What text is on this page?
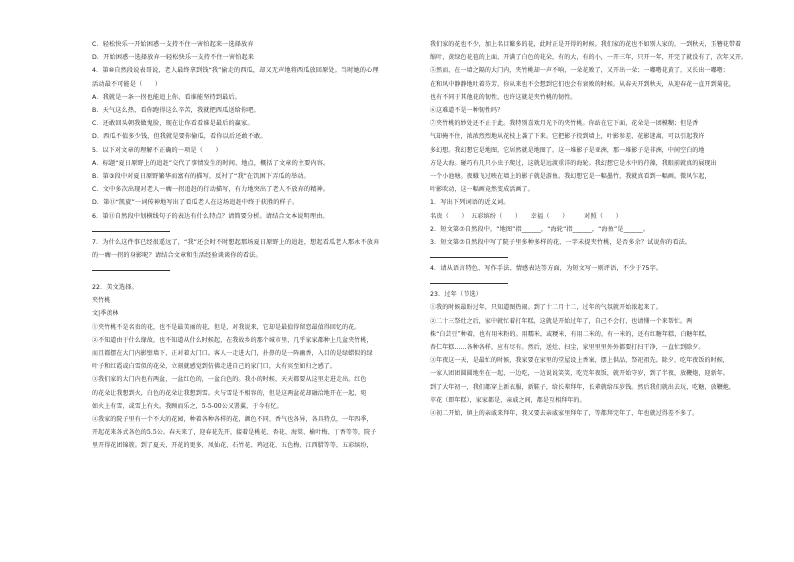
C．轻松快乐一开始困惑一支持不住一害怕起来一选择放弃
D．开始困惑一选择放弃一轻松快乐一支持不住一害怕起来
4．第⑩自然段说表哥说，老人最终拿到钱“我”偷走的西瓜，却又无声地将西瓜放回原处。当时她的心理
活动最不可能是（　　）
A．我就是一条一拐也能追上你，看谁能坚持到最后。
B．天气这么热，看你跑得这么辛苦，我就把西瓜送给你吧。
C．还敢回头朝我做鬼脸，现在让你看看谁是最后的赢家。
D．西瓜不值多少钱，但我就是要你偷瓜，看你以后还敢不敢。
5．以下对文章的理解不正确的一项是（　　）
A．标题“夏日原野上的追赶”交代了事情发生的时间、地点，概括了文章的主要内容。
B．第③段中对夏日原野繁华而富有的描写，反衬了“我”在饥困下弄瓜的举动。
C．文中多次出现对老人一瘸一拐追赶的行动描写，有力地突出了老人不放弃的精神。
D．第⑪“凯旋”一词传神地写出了看瓜老人在这场追赶中终于获胜的样子。
6．第⑪自然段中划横线句子的表达有什么特点？请简要分析。请结合文本说明理由。
7．为什么这件事已经很遥远了，“我”还会时不时想起那场夏日原野上的追赶，想起看瓜老人那永不放弃
的一瘸一拐的身影呢？请结合文章和生活经验谈谈你的看法。
22．美文选择。
夹竹桃
文|季羡林
①夹竹桃不是名贵的花，也不是最美丽的花，但是，对我说来，它却是最值得留恋最值得回忆的花。
②不知道由于什么缘故，也不知道从什么时候起，在我故乡的那个城市里，几乎家家都种上几盆夹竹桃，
而且都摆在大门内影壁墙下，正对着大门口。客人一走进大门，扑鼻的是一阵幽香，入目的是绿蜡似的绿
叶子和红霞或白雪似的花朵，立刻就感觉到仿佛走进自己的家门口，大有宾至如归之感了。
③我们家的大门内也有两盆，一盆红色的，一盆白色的。我小的时候，天天都要从这里走进走出。红色
的花朵让我想到火，白色的花朵让我想到雪。火与雪是不相容的，但是这两盆花却融洽地开在一起，宛
如火上有雪，或雪上有火。我顾而乐之，5-5-00公又署翼，于今有忆。
④我家的院子里有一个不大的花园，种着各种各样的花，颜色不同、香气也各异，各具特点，一年四季，
开起花来各式各色的5.5公。春天来了，迎春花先开，接着是桃花、杏花、海棠、榆叶梅、丁香等等，院子
里开得花团锦簇。到了夏天，开花的更多，凤仙花、石竹花、鸡冠花、五色梅、江西腊等等，五彩缤纷，
我们家的花也不少，加上名目繁多的花，此时正是开得的时候。我们家的花也不如别人家的，一到秋天，玉簪花带着
缩叶，黄绿色花苞的上面，开满了白色的花朵，有的大，有的小，一开三年，只开一年，开完了就没有了，次年又开。
⑤然而，在一墙之隔的大门内，夹竹桃却一声不响，一朵花败了，又开出一朵；一嘟噜花黄了，又长出一嘟噜；
在和风中静静地吐着芬芳，你从来也不会想到它们也会有衰败的时候。从春天开到秋天，从迎春花一直开到菊花，
也有不同于其他花的韧性，也许这就是夹竹桃的韧性。
⑥这难道不是一种韧性吗？
⑦夹竹桃的妙处还不止于此。我特别喜欢月光下的夹竹桃。你站在它下面，花朵是一团模糊；但是香
气却掩不住，浓浓烈烈地从花枝上袭了下来。它把影子投到墙上，叶影参差，花影迷离，可以引起我许
多幻想。我幻想它是地图，它居然就是地图了。这一堆影子是亚洲，那一堆影子是非洲，中间空白的地
方是大海。碰巧有几只小虫子爬过，这就是远渡重洋的海轮。我幻想它是水中的荇藻，我眼前就真的展现出
一个小池塘。夜蛾飞过映在墙上的影子就是游鱼。我幻想它是一幅墨竹，我就真看到一幅画。微风乍起，
叶影吹动，这一幅画竟然变成活画了。
1．写出下列词语的近义词。
名贵（　　）　五彩缤纷（　　）　　幸福（　　）　　　对照（　　）
2．短文第⑦自然段中，“地图”指______，“海轮”指______，“海鱼”是______。
3．短文第⑦自然段中写了院子里多种多样的花，一字未提夹竹桃，是否多余？试说你的看法。
4．请从语言特色、写作手法、情感表达等方面，为短文写一则评语，不少于75字。
23．过年（节选）
①我的时候最盼过年，只知道图热闹。到了十二月十二，过年的气氛就开始浓起来了。
②二十三祭灶之后，家中就忙着打年糕，这就是开始过年了，自己不会打，也请懂一个来帮忙。两
株“白芸豆”种着，也有用米粉的。用糯米，或粳米，有用二米的，有一米的，还有红糖年糕，白糖年糕，
杏仁年糕……各种各样，应有尽有。然后，送灶、扫尘，家里里里外外都要打扫干净，一直忙到除夕。
③年夜这一天，是最忙的时候，我家要在家里的堂屋设上香案，摆上供品，祭祀祖先。除夕，吃年夜饭的时候，
一家人团团圆圆地坐在一起，一边吃，一边说说笑笑，吃完年夜饭，就开始守岁，到了半夜，放鞭炮，迎新年。
到了大年初一，我们都穿上新衣服，新鞋子，给长辈拜年，长辈就给压岁钱。然后我们就出去玩，吃糖，放鞭炮，
苹花（即年糕），家家都是，亲戚之间，都是互相拜年的。
④初二开始，镇上的亲戚来拜年，我又要去亲戚家里拜年了，等都拜完年了，年也就过得差不多了。
